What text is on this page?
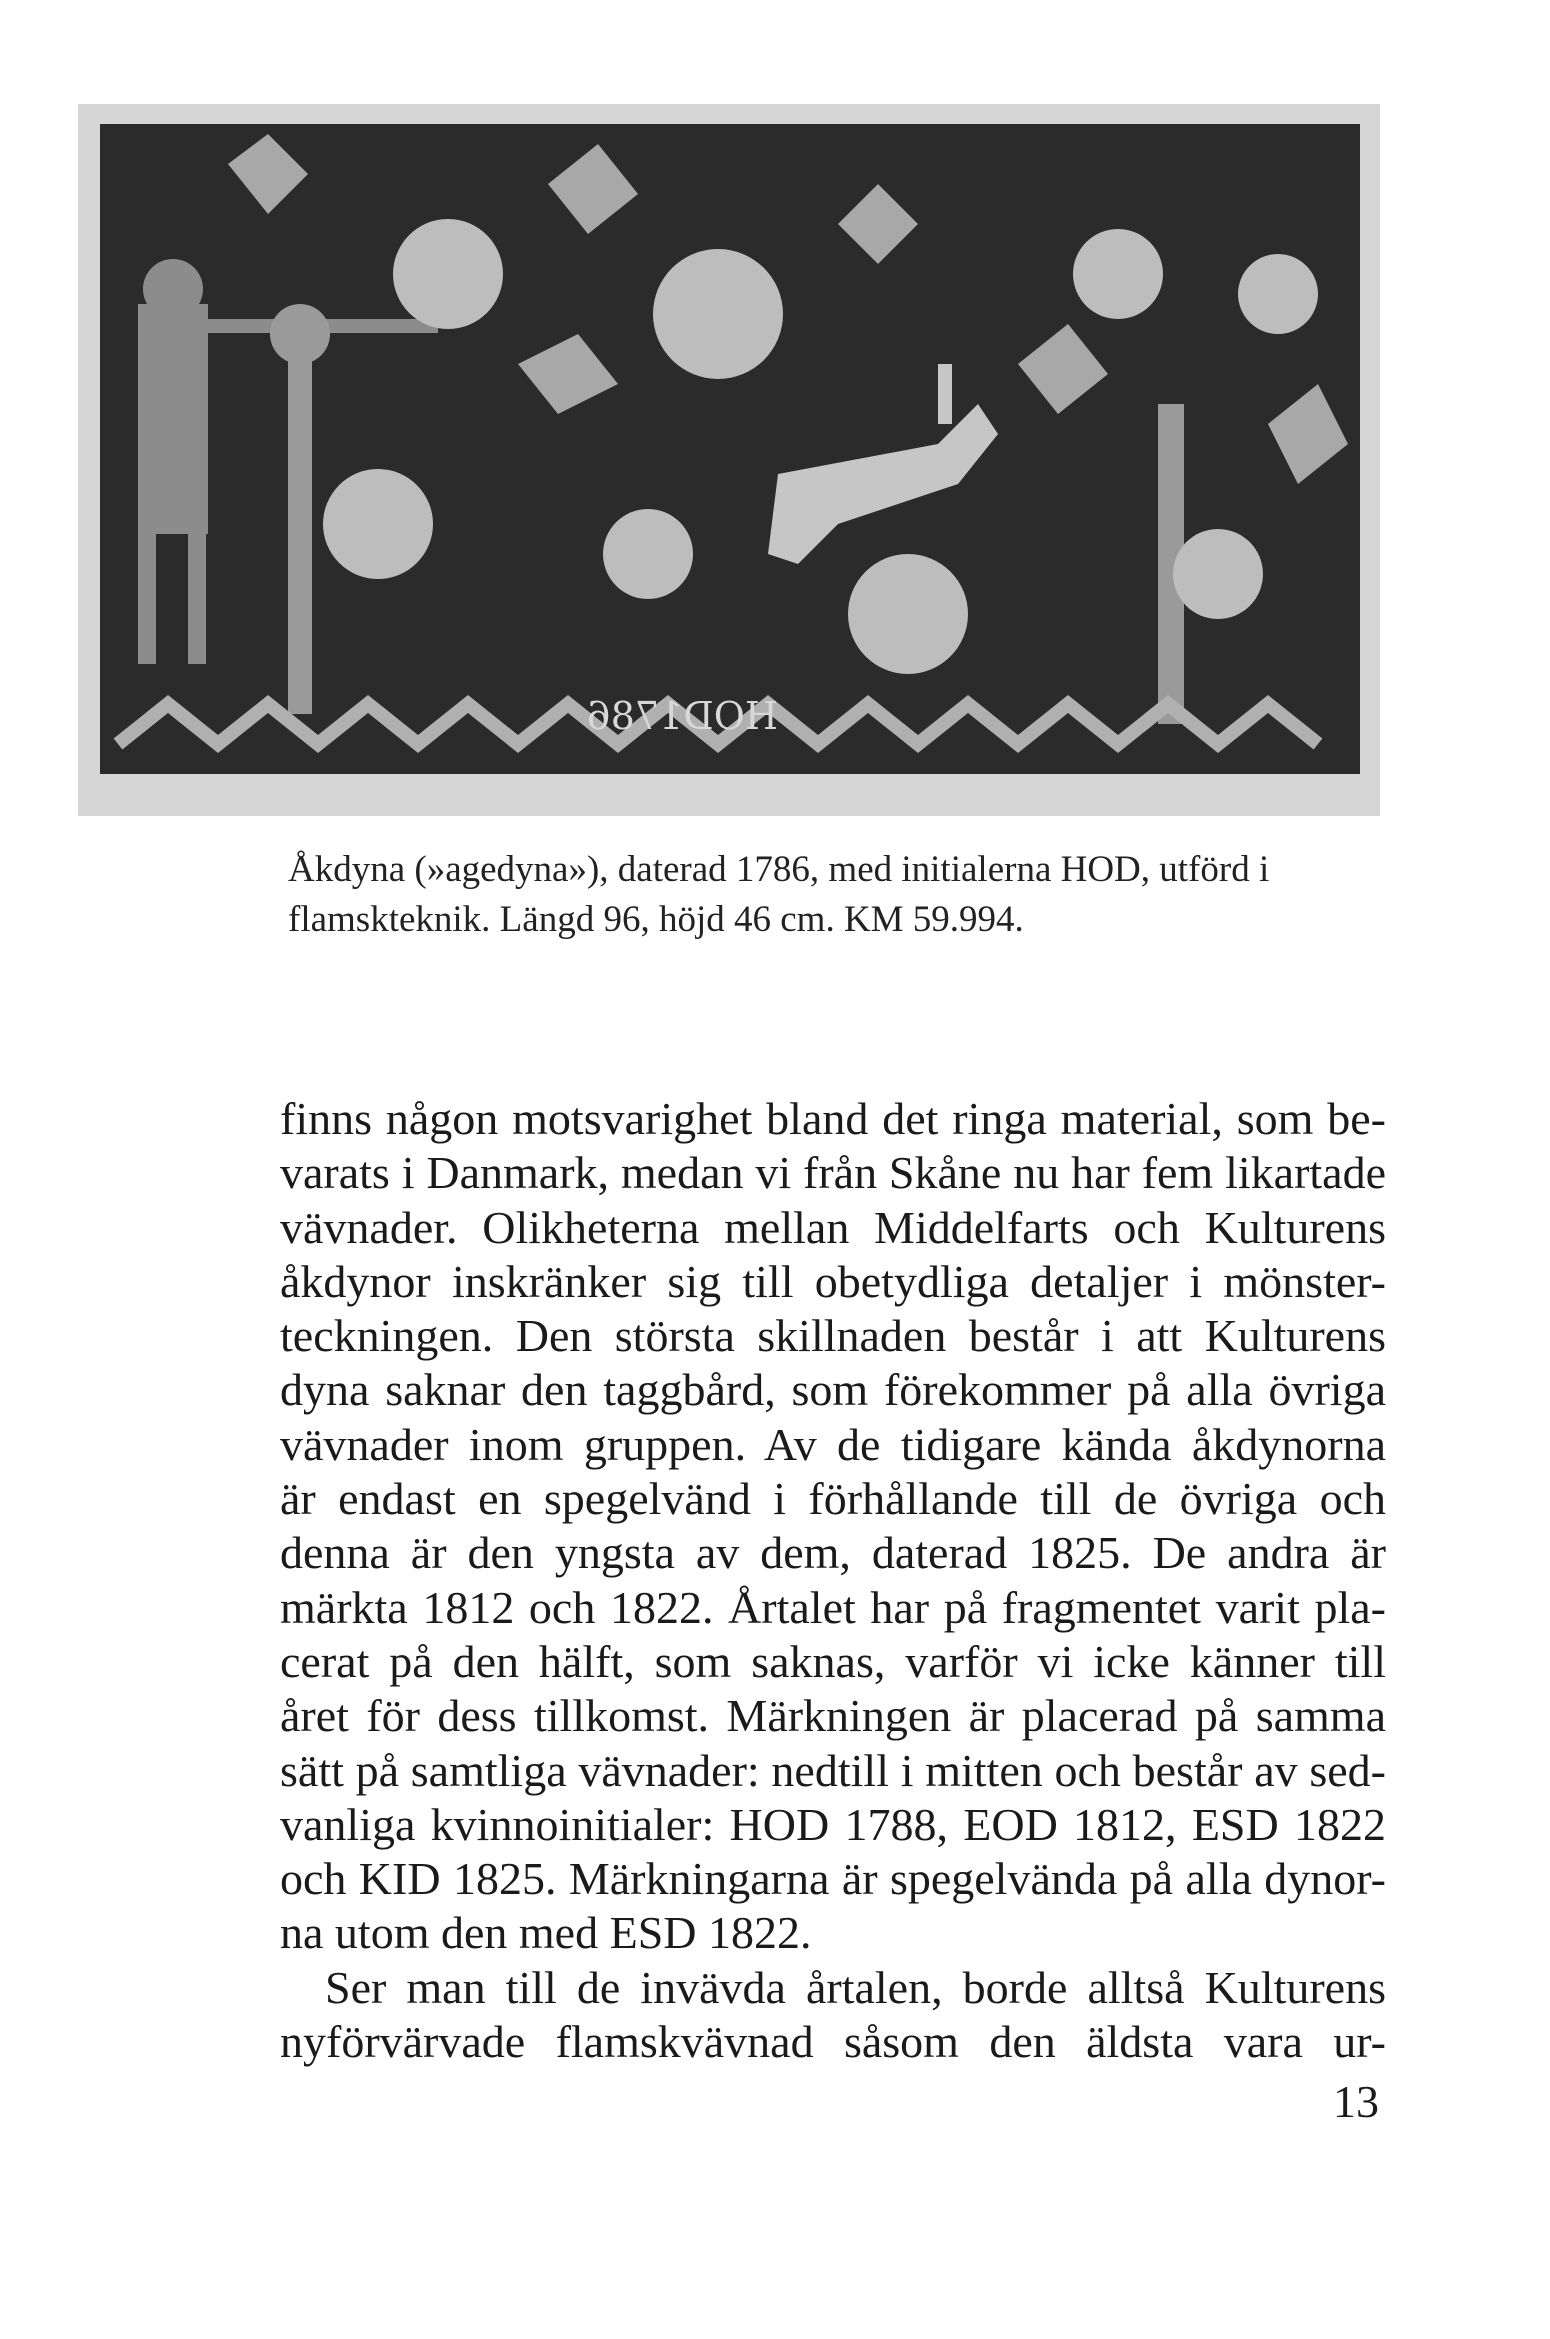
HOD1786

Åkdyna (»agedyna»), daterad 1786, med initialerna HOD, utförd i

flamskteknik. Längd 96, höjd 46 cm. KM 59.994.

finns någon motsvarighet bland det ringa material, som be-
varats i Danmark, medan vi från Skåne nu har fem likartade
vävnader. Olikheterna mellan Middelfarts och Kulturens
åkdynor inskränker sig till obetydliga detaljer i mönster-
teckningen. Den största skillnaden består i att Kulturens
dyna saknar den taggbård, som förekommer på alla övriga
vävnader inom gruppen. Av de tidigare kända åkdynorna
är endast en spegelvänd i förhållande till de övriga och
denna är den yngsta av dem, daterad 1825. De andra är
märkta 1812 och 1822. Årtalet har på fragmentet varit pla-
cerat på den hälft, som saknas, varför vi icke känner till
året för dess tillkomst. Märkningen är placerad på samma
sätt på samtliga vävnader: nedtill i mitten och består av sed-
vanliga kvinnoinitialer: HOD 1788, EOD 1812, ESD 1822
och KID 1825. Märkningarna är spegelvända på alla dynor-
na utom den med ESD 1822.
Ser man till de invävda årtalen, borde alltså Kulturens
nyförvärvade flamskvävnad såsom den äldsta vara ur-
13
